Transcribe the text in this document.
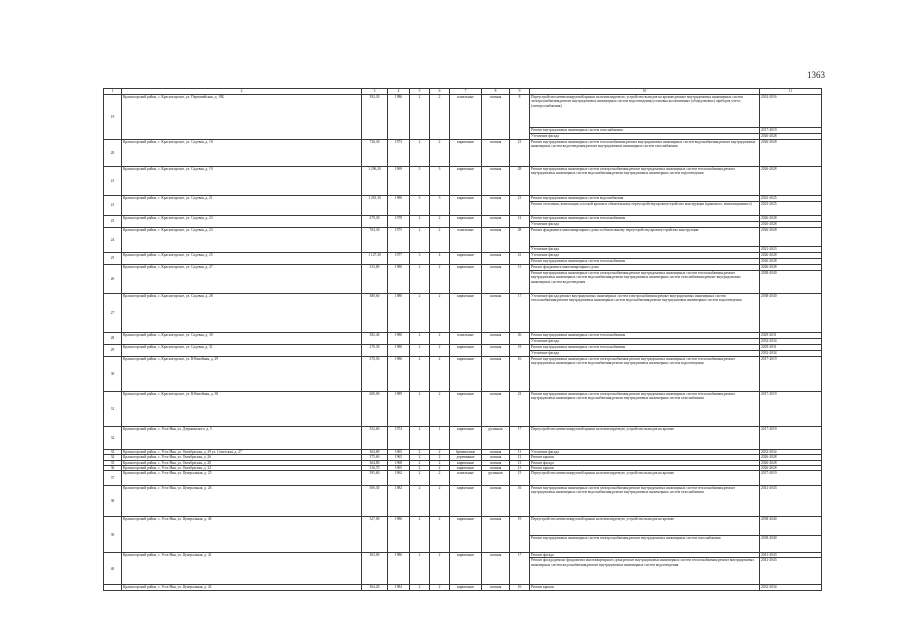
1363
1	2	3	4	5	6	7	8	9	10	11
19	Красногорский район, с. Красногорское, ул. Первомайская, д. 18Б	392,30	1986	2	2	панельные	скатная	8	Переустройство невентилируемой крыши на вентилируемую, устройство выходов на кровлю;ремонт внутридомовых инженерных систем электроснабжения;ремонт внутридомовых инженерных систем водоотведения;установка коллективных (общедомовых) приборов учета;(электроснабжения)	2014-2016
									Ремонт внутридомовых инженерных систем газоснабжения	2017-2019
									Утепление фасада	2026-2028
20	Красногорский район, с. Красногорское, ул. Садовая, д. 18	726,30	1973	2	2	кирпичные	скатная	21	Ремонт внутридомовых инженерных систем теплоснабжения;ремонт внутридомовых инженерных систем водоснабжения;ремонт внутридомовых инженерных систем водоотведения;ремонт внутридомовых инженерных систем газоснабжения	2026-2028
21	Красногорский район, с. Красногорское, ул. Садовая, д. 19	1 296,30	1969	3	3	кирпичные	скатная	28	Ремонт внутридомовых инженерных систем электроснабжения;ремонт внутридомовых инженерных систем теплоснабжения;ремонт внутридомовых инженерных систем водоснабжения;ремонт внутридомовых инженерных систем водоотведения	2026-2028
21	Красногорский район, с. Красногорское, ул. Садовая, д. 21	1 281,30	1980	3	3	кирпичные	скатная	21	Ремонт внутридомовых инженерных систем водоснабжения	2023-2025
									Ремонт отопления, вентиляции, плоской кровли и обязательному переустройству;кровлеустройство конструкции (крышного, вентиляционного)	2023-2025
23	Красногорский район, с. Красногорское, ул. Садовая, д. 23	279,30	1978	2	2	кирпичные	скатная	12	Ремонт внутридомовых инженерных систем теплоснабжения	2026-2028
									Утепление фасада	2026-2028
24	Красногорский район, с. Красногорское, ул. Садовая, д. 23	704,30	1975	2	2	панельные	скатная	28	Ремонт фундамента многоквартирного дома и обязательному переустройству;кровлеустройство конструкции	2026-2028
									Утепление фасада	2021-2023
25	Красногорский район, с. Красногорское, ул. Садовая, д. 25	1 127,30	1977	3	4	кирпичные	скатная	41	Утепление фасада	2026-2028
									Ремонт внутридомовых инженерных систем теплоснабжения	2026-2028
26	Красногорский район, с. Красногорское, ул. Садовая, д. 27	333,80	1980	2	2	кирпичные	скатная	15	Ремонт фундамента многоквартирного дома	2026-2028
									Ремонт внутридомовых инженерных систем электроснабжения;ремонт внутридомовых инженерных систем теплоснабжения;ремонт внутридомовых инженерных систем водоснабжения;ремонт внутридомовых инженерных систем газоснабжения;ремонт внутридомовых инженерных систем водоотведения	2038-2040
27	Красногорский район, с. Красногорское, ул. Садовая, д. 28	380,60	1980	2	2	кирпичные	скатная	17	Утепление фасада;ремонт внутридомовых инженерных систем электроснабжения;ремонт внутридомовых инженерных систем теплоснабжения;ремонт внутридомовых инженерных систем водоснабжения;ремонт внутридомовых инженерных систем водоотведения	2038-2040
28	Красногорский район, с. Красногорское, ул. Садовая, д. 30	582,40	1980	2	2	панельные	скатная	26	Ремонт внутридомовых инженерных систем теплоснабжения	2029-2031
									Утепление фасада	2032-2034
29	Красногорский район, с. Красногорское, ул. Садовая, д. 31	270,30	1980	2	2	кирпичные	скатная	19	Ремонт внутридомовых инженерных систем теплоснабжения	2029-2031
									Утепление фасада	2032-2034
30	Красногорский район, с. Красногорское, ул. Юбилейная, д. 29	370,50	1986	2	2	кирпичные	скатная	16	Ремонт внутридомовых инженерных систем электроснабжения;ремонт внутридомовых инженерных систем теплоснабжения;ремонт внутридомовых инженерных систем водоснабжения;ремонт внутридомовых инженерных систем водоотведения	2017-2019
31	Красногорский район, с. Красногорское, ул. Юбилейная, д. 38	600,00	1989	2	2	кирпичные	скатная	23	Ремонт внутридомовых инженерных систем электроснабжения;ремонт внутридомовых инженерных систем теплоснабжения;ремонт внутридомовых инженерных систем водоснабжения;ремонт внутридомовых инженерных систем газоснабжения	2017-2019
32	Красногорский район, с. Усть-Иня, ул. Дзержинского, д. 5	352,60	1974	2	1	кирпичные	рулонная	17	Переустройство невентилируемой крыши на вентилируемую, устройство выходов на кровлю	2017-2019
33	Красногорский район, с. Усть-Иня, ул. Октябрьская, д. 29 ул. Советская, д. 27	364,80	1965	2	2	бревенчатые	скатная	11	Утепление фасада	2032-2034
34	Красногорский район, с. Усть-Иня, ул. Октябрьская, д. 26	375,60	1965	2	2	деревянные	скатная	12	Ремонт крыши	2026-2028
35	Красногорский район, с. Усть-Иня, ул. Октябрьская, д. 28	364,80	1968	2	2	кирпичные	скатная	13	Ремонт фасада	2026-2028
36	Красногорский район, с. Усть-Иня, ул. Октябрьская, д. 32	316,70	1965	2	2	кирпичные	скатная	13	Ремонт крыши	2026-2028
37	Красногорский район, с. Усть-Иня, ул. Центральная, д. 25	595,60	1962	2	2	панельные	рулонная	15	Переустройство невентилируемой крыши на вентилируемую, устройство выходов на кровлю	2017-2019
38	Красногорский район, с. Усть-Иня, ул. Центральная, д. 26	306,30	1982	2	2	кирпичные	скатная	16	Ремонт внутридомовых инженерных систем электроснабжения;ремонт внутридомовых инженерных систем теплоснабжения;ремонт внутридомовых инженерных систем водоснабжения;ремонт внутридомовых инженерных систем газоснабжения	2041-2043
39	Красногорский район, с. Усть-Иня, ул. Центральная, д. 40	327,00	1986	2	2	кирпичные	скатная	19	Переустройство невентилируемой крыши на вентилируемую, устройство выходов на кровлю	2038-2040
									Ремонт внутридомовых инженерных систем электроснабжения;ремонт внутридомовых инженерных систем газоснабжения	2038-2040
40	Красногорский район, с. Усть-Иня, ул. Центральная, д. 41	363,00	1986	2	2	кирпичные	скатная	17	Ремонт фасада	2041-2043
									Ремонт фасада;ремонт фундамента многоквартирного дома;ремонт внутридомовых инженерных систем теплоснабжения;ремонт внутридомовых инженерных систем водоснабжения;ремонт внутридомовых инженерных систем водоотведения	2041-2043
	Красногорский район, с. Усть-Иня, ул. Центральная, д. 43	364,20	1984	2	2	кирпичные	скатная	16	Ремонт крыши	2032-2034
